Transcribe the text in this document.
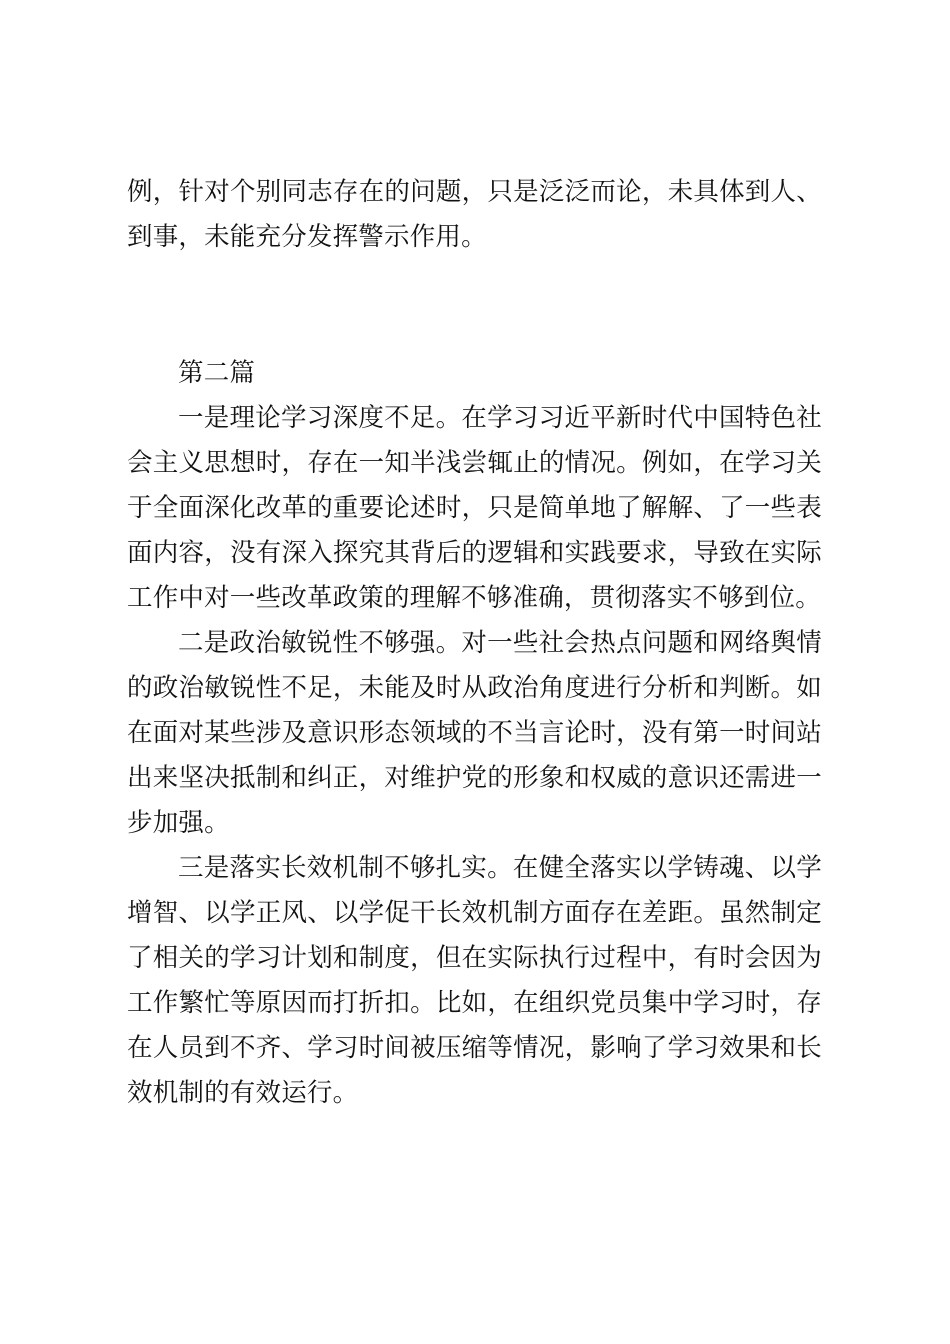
例，针对个别同志存在的问题，只是泛泛而论，未具体到人、到事，未能充分发挥警示作用。

第二篇

一是理论学习深度不足。在学习习近平新时代中国特色社会主义思想时，存在一知半浅尝辄止的情况。例如，在学习关于全面深化改革的重要论述时，只是简单地了解解、了一些表面内容，没有深入探究其背后的逻辑和实践要求，导致在实际工作中对一些改革政策的理解不够准确，贯彻落实不够到位。

二是政治敏锐性不够强。对一些社会热点问题和网络舆情的政治敏锐性不足，未能及时从政治角度进行分析和判断。如在面对某些涉及意识形态领域的不当言论时，没有第一时间站出来坚决抵制和纠正，对维护党的形象和权威的意识还需进一步加强。

三是落实长效机制不够扎实。在健全落实以学铸魂、以学增智、以学正风、以学促干长效机制方面存在差距。虽然制定了相关的学习计划和制度，但在实际执行过程中，有时会因为工作繁忙等原因而打折扣。比如，在组织党员集中学习时，存在人员到不齐、学习时间被压缩等情况，影响了学习效果和长效机制的有效运行。
